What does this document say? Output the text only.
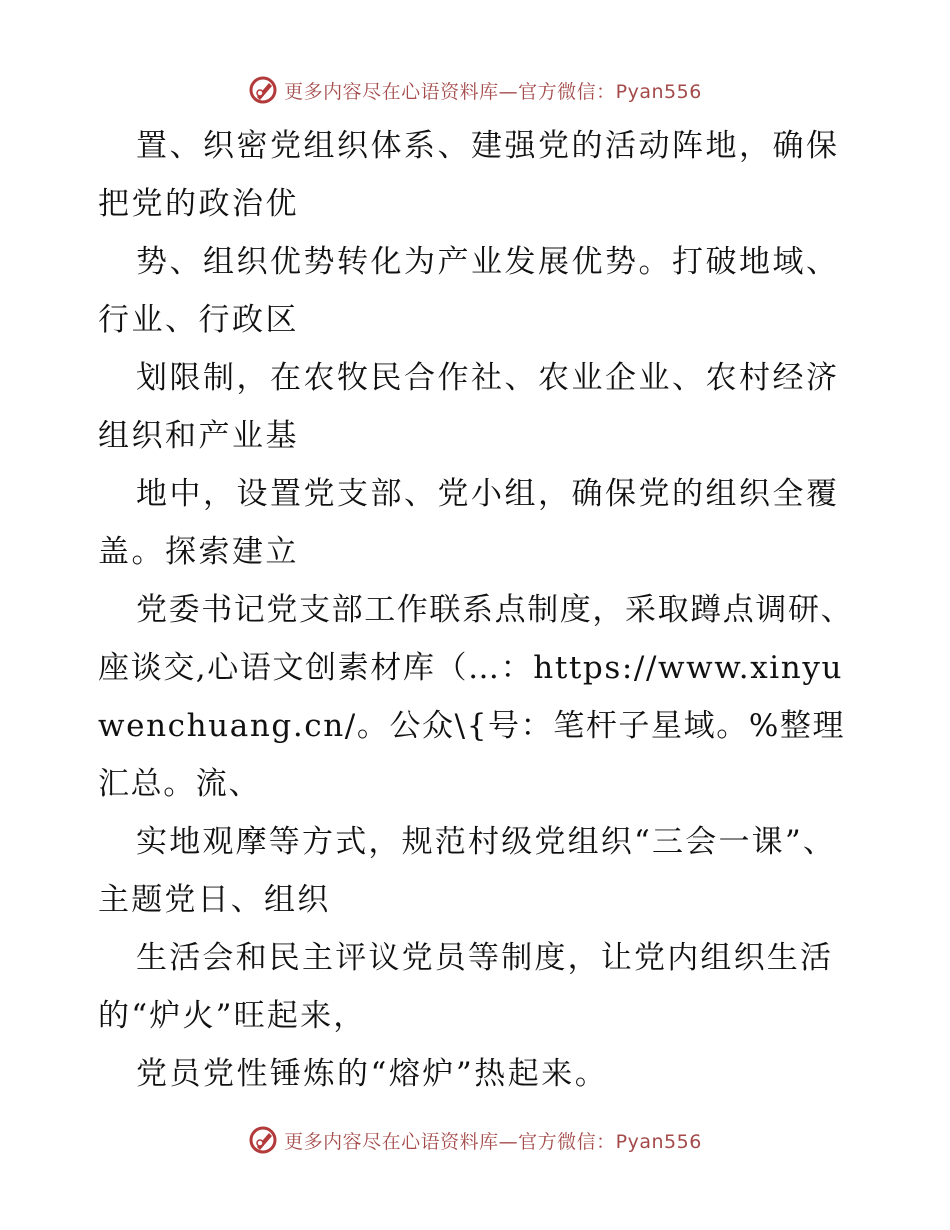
更多内容尽在心语资料库—官方微信：Pyan556

置、织密党组织体系、建强党的活动阵地，确保把党的政治优

势、组织优势转化为产业发展优势。打破地域、行业、行政区

划限制，在农牧民合作社、农业企业、农村经济组织和产业基

地中，设置党支部、党小组，确保党的组织全覆盖。探索建立

党委书记党支部工作联系点制度，采取蹲点调研、座谈交,心语文创素材库（…：https://www.xinyuwenchuang.cn/。公众\{号：笔杆子星域。%整理汇总。流、

实地观摩等方式，规范村级党组织“三会一课”、主题党日、组织

生活会和民主评议党员等制度，让党内组织生活的“炉火”旺起来，

党员党性锤炼的“熔炉”热起来。

更多内容尽在心语资料库—官方微信：Pyan556
